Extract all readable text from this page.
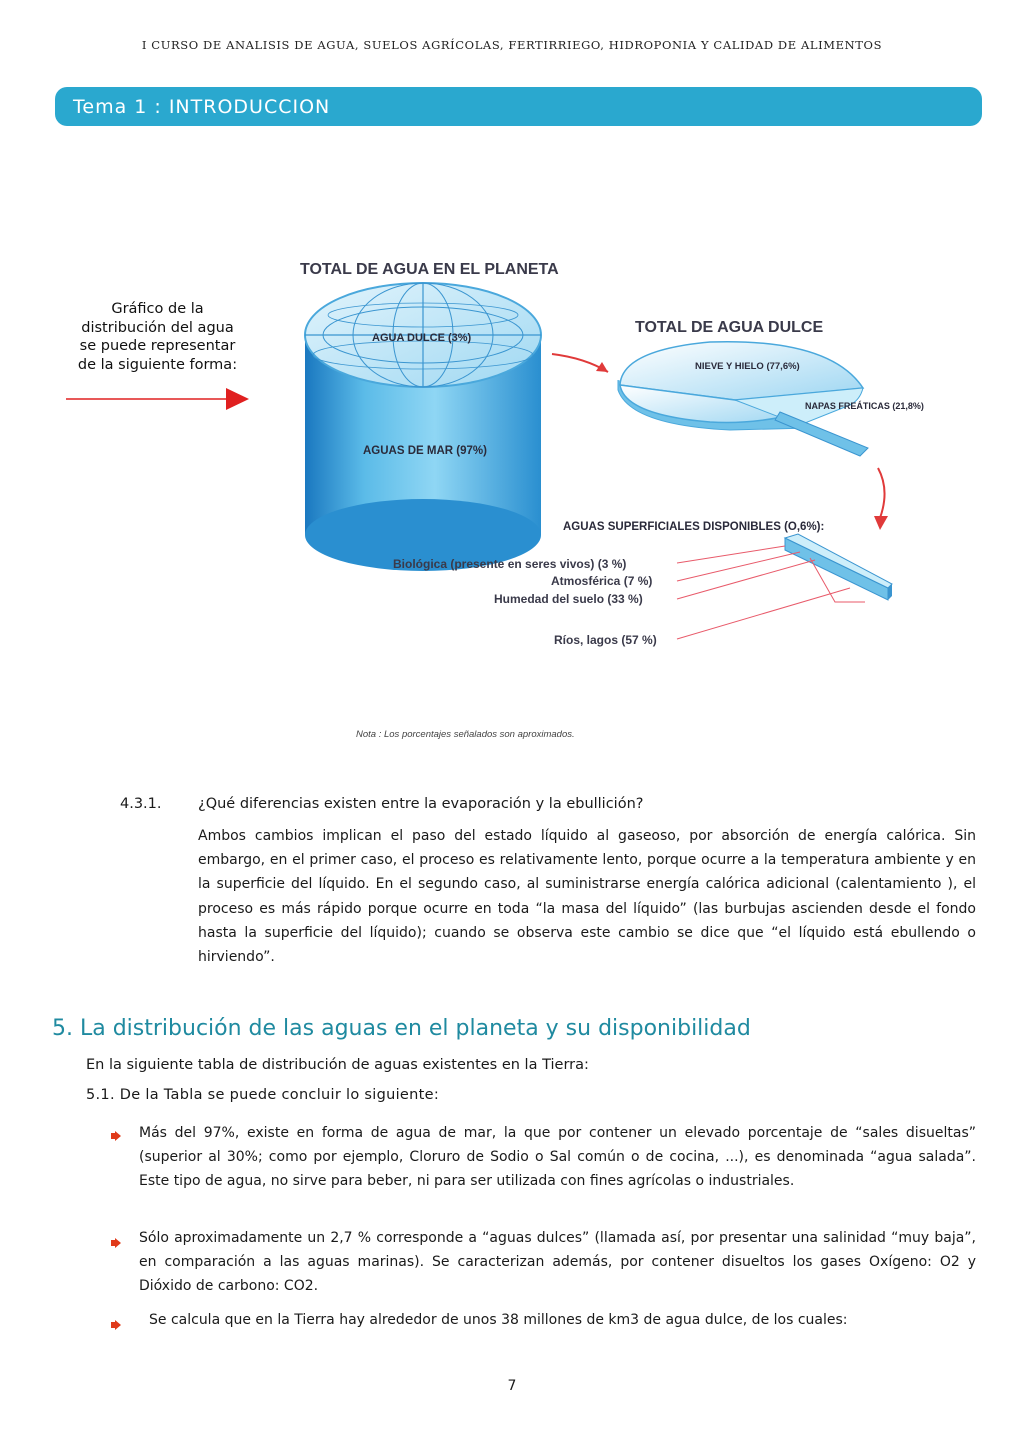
I CURSO DE ANALISIS DE AGUA, SUELOS AGRÍCOLAS, FERTIRRIEGO, HIDROPONIA Y CALIDAD DE ALIMENTOS
Tema 1 : INTRODUCCION
Gráfico de la distribución del agua se puede representar de la siguiente forma:
TOTAL DE AGUA EN EL PLANETA
AGUA DULCE (3%)
AGUAS DE MAR (97%)
TOTAL DE AGUA DULCE
NIEVE Y HIELO (77,6%)
NAPAS FREÁTICAS (21,8%)
AGUAS SUPERFICIALES DISPONIBLES (O,6%):
Biológica (presente en seres vivos) (3 %)
Atmosférica (7 %)
Humedad del suelo (33 %)
Ríos, lagos (57 %)
Nota : Los porcentajes señalados son aproximados.
4.3.1.	¿Qué diferencias existen entre la evaporación y la ebullición?
Ambos cambios implican el paso del estado líquido al gaseoso, por absorción de energía calórica. Sin embargo, en el primer caso, el proceso es relativamente lento, porque ocurre a la temperatura ambiente y en la superficie del líquido. En el segundo caso, al suministrarse energía calórica adicional (calentamiento ), el proceso es más rápido porque ocurre en toda “la masa del líquido” (las burbujas ascienden desde el fondo hasta la superficie del líquido); cuando se observa este cambio se dice que “el líquido está ebullendo o hirviendo”.
5. La distribución de las aguas en el planeta y su disponibilidad
En la siguiente tabla de distribución de aguas existentes en la Tierra:
5.1. De la Tabla se puede concluir lo siguiente:
Más del 97%, existe en forma de agua de mar, la que por contener un elevado porcentaje de “sales disueltas” (superior al 30%; como por ejemplo, Cloruro de Sodio o Sal común o de cocina, ...), es denominada “agua salada”. Este tipo de agua, no sirve para beber, ni para ser utilizada con fines agrícolas o industriales.
Sólo aproximadamente un 2,7 % corresponde a “aguas dulces” (llamada así, por presentar una salinidad “muy baja”, en comparación a las aguas marinas). Se caracterizan además, por contener disueltos los gases Oxígeno: O2 y Dióxido de carbono: CO2.
Se calcula que en la Tierra hay alrededor de unos 38 millones de km3 de agua dulce, de los cuales:
7
